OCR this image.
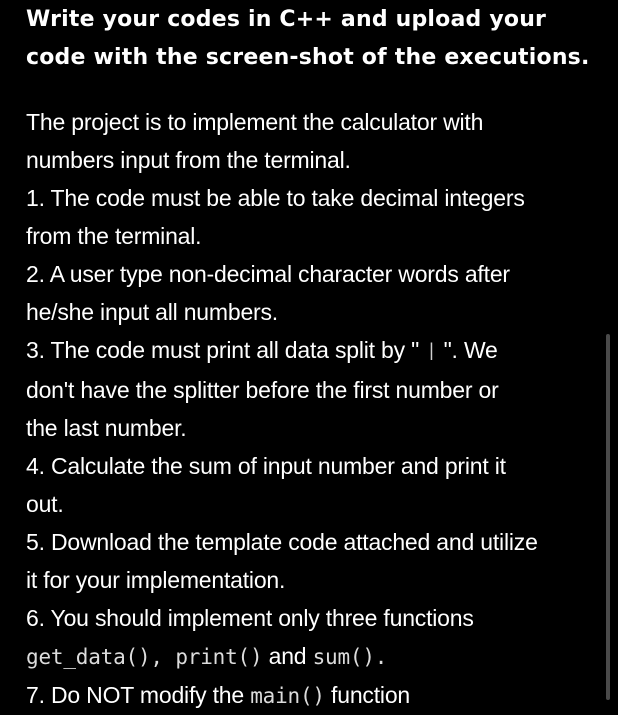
Write your codes in C++ and upload your
code with the screen-shot of the executions.
The project is to implement the calculator with
numbers input from the terminal.
1. The code must be able to take decimal integers
from the terminal.
2. A user type non-decimal character words after
he/she input all numbers.
3. The code must print all data split by " | ". We
don't have the splitter before the first number or
the last number.
4. Calculate the sum of input number and print it
out.
5. Download the template code attached and utilize
it for your implementation.
6. You should implement only three functions
get_data(), print() and sum().
7. Do NOT modify the main() function
